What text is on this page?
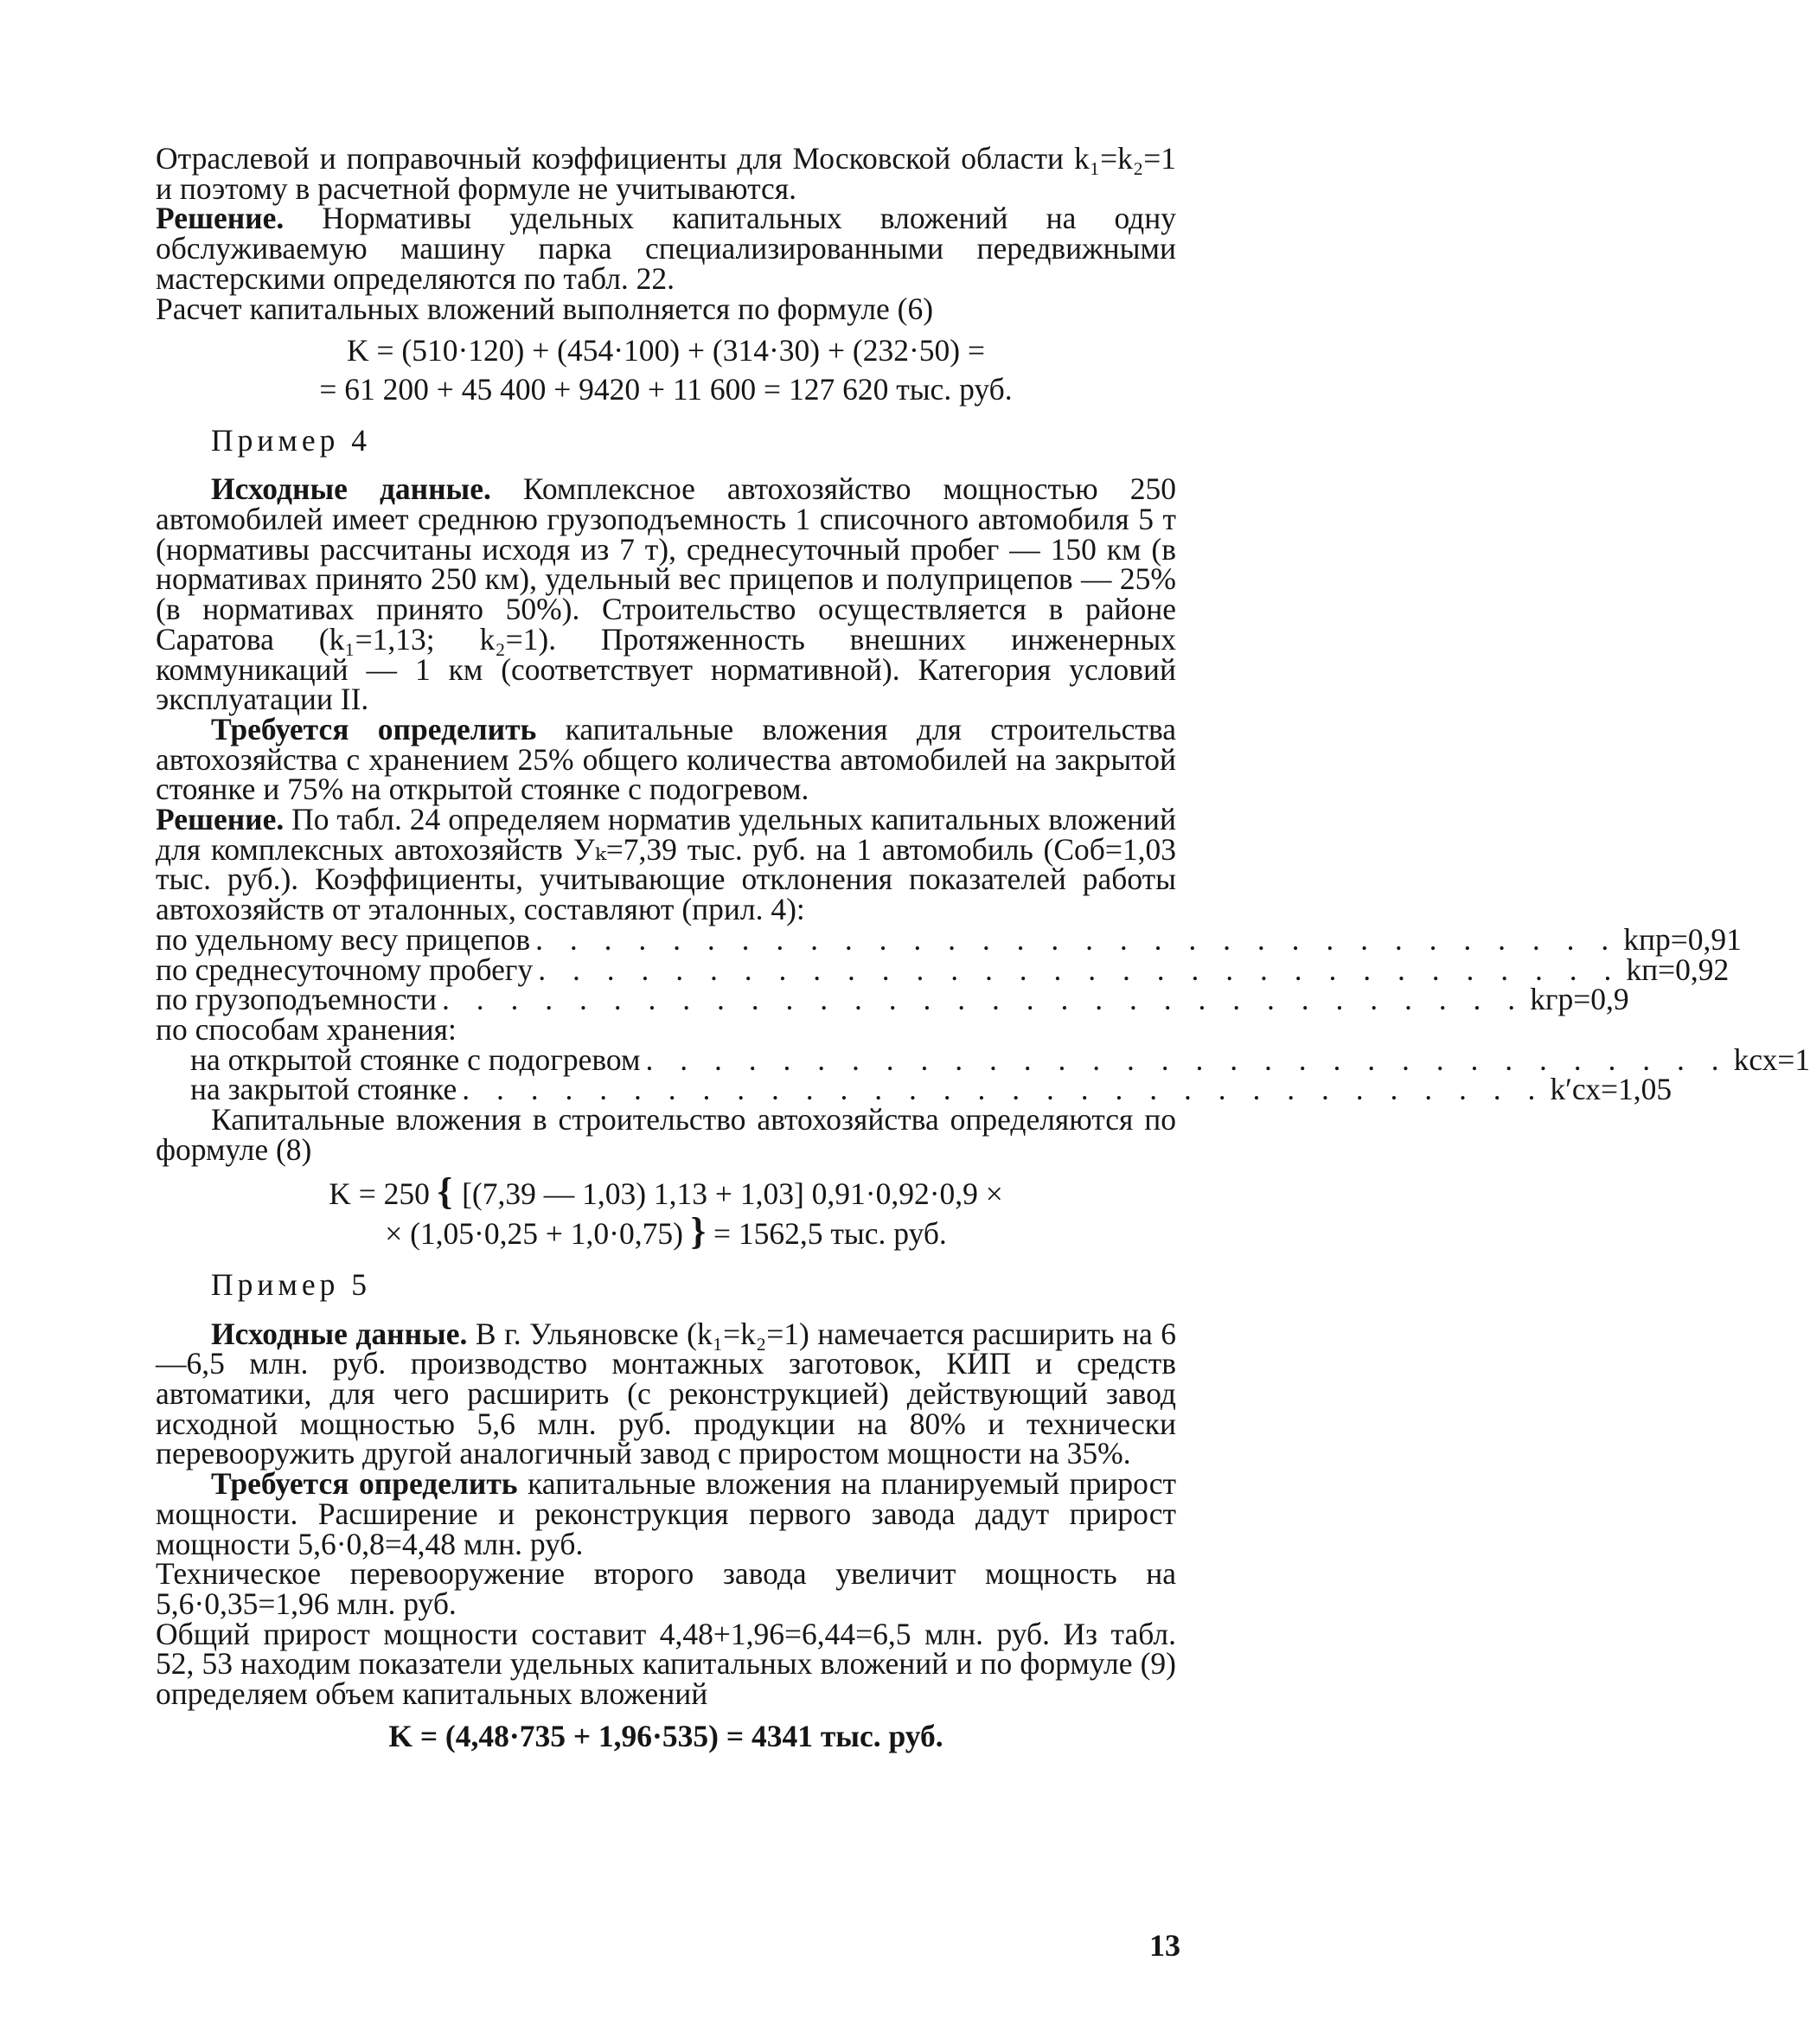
Отраслевой и поправочный коэффициенты для Московской области k₁=k₂=1 и поэтому в расчетной формуле не учитываются.

Решение. Нормативы удельных капитальных вложений на одну обслуживаемую машину парка специализированными передвижными мастерскими определяются по табл. 22.

Расчет капитальных вложений выполняется по формуле (6)

K = (510·120) + (454·100) + (314·30) + (232·50) =

= 61 200 + 45 400 + 9420 + 11 600 = 127 620 тыс. руб.

Пример 4

Исходные данные. Комплексное автохозяйство мощностью 250 автомобилей имеет среднюю грузоподъемность 1 списочного автомобиля 5 т (нормативы рассчитаны исходя из 7 т), среднесуточный пробег — 150 км (в нормативах принято 250 км), удельный вес прицепов и полуприцепов — 25% (в нормативах принято 50%). Строительство осуществляется в районе Саратова (k₁=1,13; k₂=1). Протяженность внешних инженерных коммуникаций — 1 км (соответствует нормативной). Категория условий эксплуатации II.

Требуется определить капитальные вложения для строительства автохозяйства с хранением 25% общего количества автомобилей на закрытой стоянке и 75% на открытой стоянке с подогревом.

Решение. По табл. 24 определяем норматив удельных капитальных вложений для комплексных автохозяйств Уₖ=7,39 тыс. руб. на 1 автомобиль (Cоб=1,03 тыс. руб.). Коэффициенты, учитывающие отклонения показателей работы автохозяйств от эталонных, составляют (прил. 4):

по удельному весу прицепов . . . . . . . . . . . . . . . . . . . . . . . . . . . . . . . . kпр=0,91
по среднесуточному пробегу . . . . . . . . . . . . . . . . . . . . . . . . . . . . . . . . kп=0,92
по грузоподъемности . . . . . . . . . . . . . . . . . . . . . . . . . . . . . . . . kгр=0,9

по способам хранения:

на открытой стоянке с подогревом . . . . . . . . . . . . . . . . . . . . . . . . . . . . . . . . kсх=1
на закрытой стоянке . . . . . . . . . . . . . . . . . . . . . . . . . . . . . . . . k′сх=1,05

Капитальные вложения в строительство автохозяйства определяются по формуле (8)

K = 250 { [(7,39 — 1,03) 1,13 + 1,03] 0,91·0,92·0,9 ×

× (1,05·0,25 + 1,0·0,75) } = 1562,5 тыс. руб.

Пример 5

Исходные данные. В г. Ульяновске (k₁=k₂=1) намечается расширить на 6—6,5 млн. руб. производство монтажных заготовок, КИП и средств автоматики, для чего расширить (с реконструкцией) действующий завод исходной мощностью 5,6 млн. руб. продукции на 80% и технически перевооружить другой аналогичный завод с приростом мощности на 35%.

Требуется определить капитальные вложения на планируемый прирост мощности. Расширение и реконструкция первого завода дадут прирост мощности 5,6·0,8=4,48 млн. руб.

Техническое перевооружение второго завода увеличит мощность на 5,6·0,35=1,96 млн. руб.

Общий прирост мощности составит 4,48+1,96=6,44=6,5 млн. руб. Из табл. 52, 53 находим показатели удельных капитальных вложений и по формуле (9) определяем объем капитальных вложений

K = (4,48·735 + 1,96·535) = 4341 тыс. руб.

13
